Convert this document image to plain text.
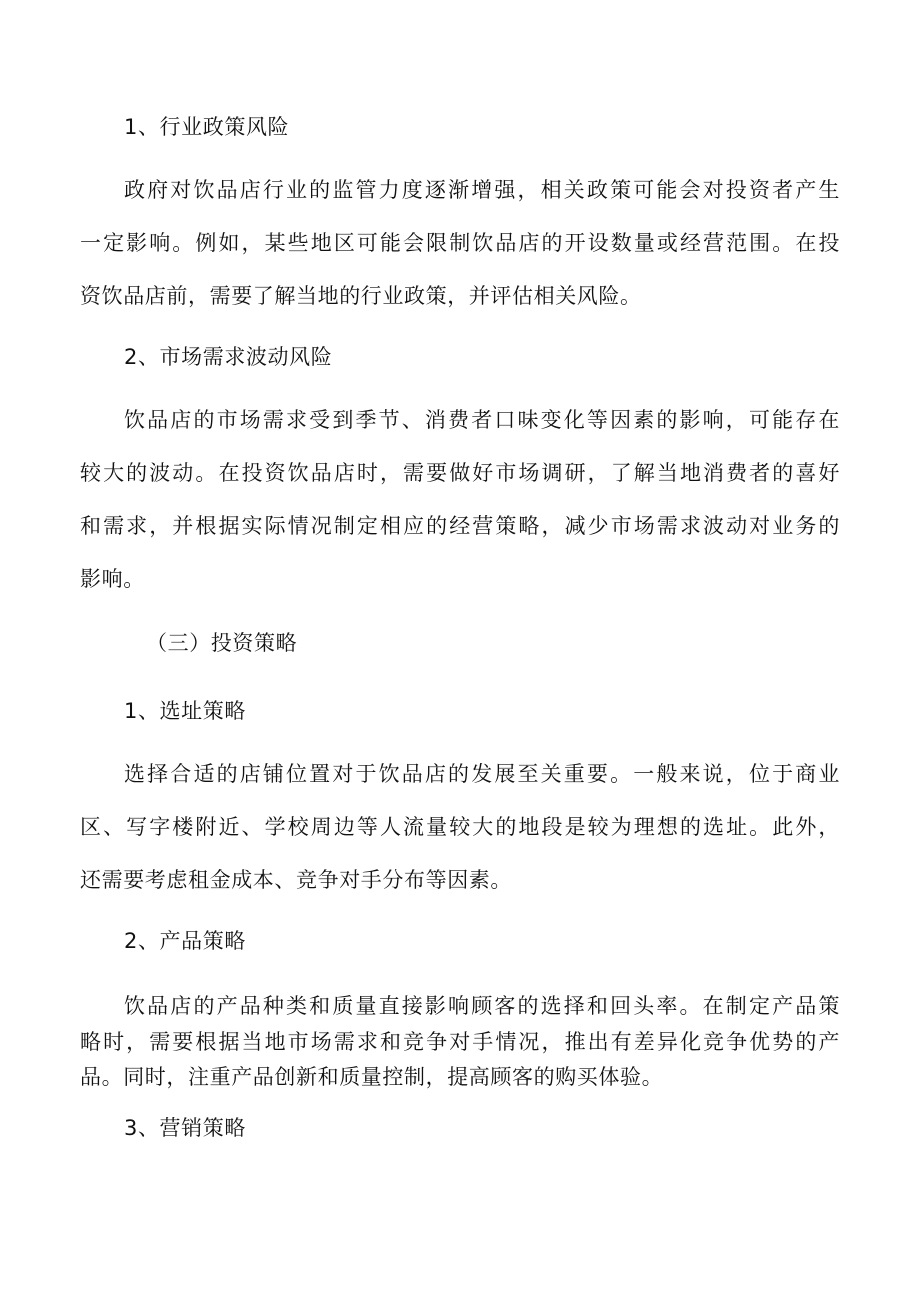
1、行业政策风险
政府对饮品店行业的监管力度逐渐增强，相关政策可能会对投资者产生
一定影响。例如，某些地区可能会限制饮品店的开设数量或经营范围。在投
资饮品店前，需要了解当地的行业政策，并评估相关风险。
2、市场需求波动风险
饮品店的市场需求受到季节、消费者口味变化等因素的影响，可能存在
较大的波动。在投资饮品店时，需要做好市场调研，了解当地消费者的喜好
和需求，并根据实际情况制定相应的经营策略，减少市场需求波动对业务的
影响。
（三）投资策略
1、选址策略
选择合适的店铺位置对于饮品店的发展至关重要。一般来说，位于商业
区、写字楼附近、学校周边等人流量较大的地段是较为理想的选址。此外，
还需要考虑租金成本、竞争对手分布等因素。
2、产品策略
饮品店的产品种类和质量直接影响顾客的选择和回头率。在制定产品策
略时，需要根据当地市场需求和竞争对手情况，推出有差异化竞争优势的产
品。同时，注重产品创新和质量控制，提高顾客的购买体验。
3、营销策略
